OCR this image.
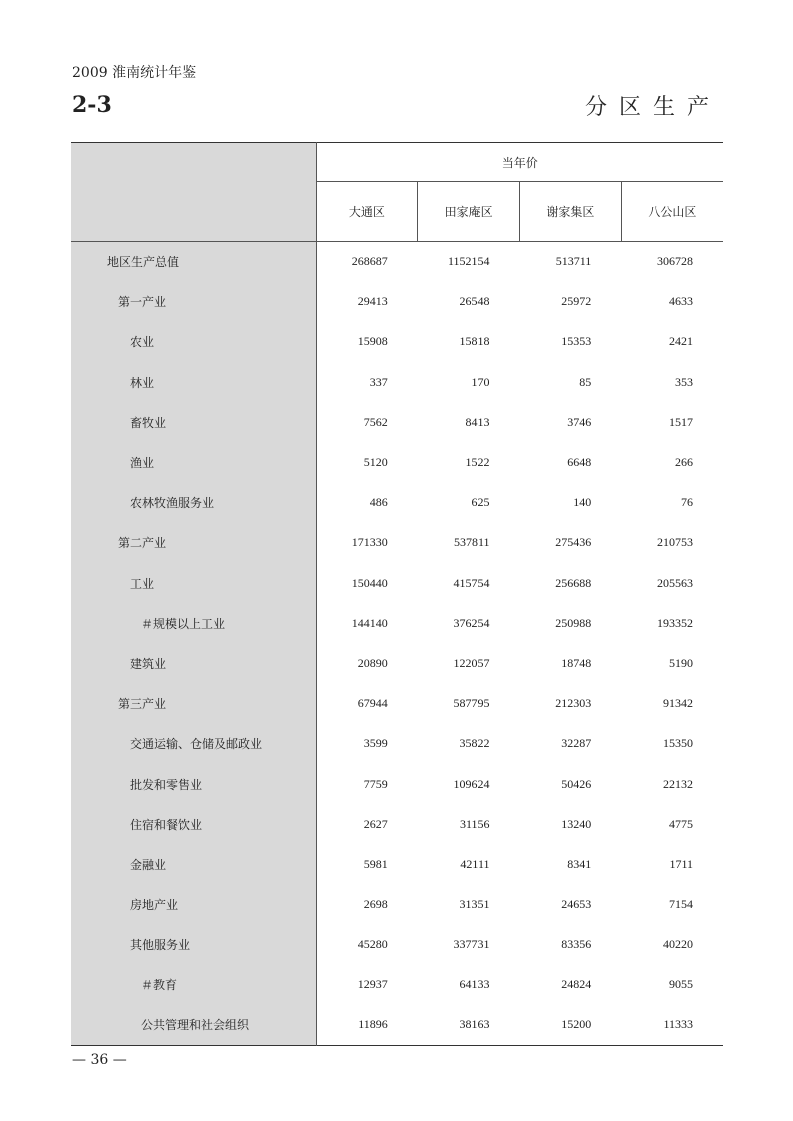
2009 淮南统计年鉴
2-3	分区生产
	当年价			
	大通区	田家庵区	谢家集区	八公山区
地区生产总值	268687	1152154	513711	306728
第一产业	29413	26548	25972	4633
农业	15908	15818	15353	2421
林业	337	170	85	353
畜牧业	7562	8413	3746	1517
渔业	5120	1522	6648	266
农林牧渔服务业	486	625	140	76
第二产业	171330	537811	275436	210753
工业	150440	415754	256688	205563
＃规模以上工业	144140	376254	250988	193352
建筑业	20890	122057	18748	5190
第三产业	67944	587795	212303	91342
交通运输、仓储及邮政业	3599	35822	32287	15350
批发和零售业	7759	109624	50426	22132
住宿和餐饮业	2627	31156	13240	4775
金融业	5981	42111	8341	1711
房地产业	2698	31351	24653	7154
其他服务业	45280	337731	83356	40220
＃教育	12937	64133	24824	9055
公共管理和社会组织	11896	38163	15200	11333
— 36 —
